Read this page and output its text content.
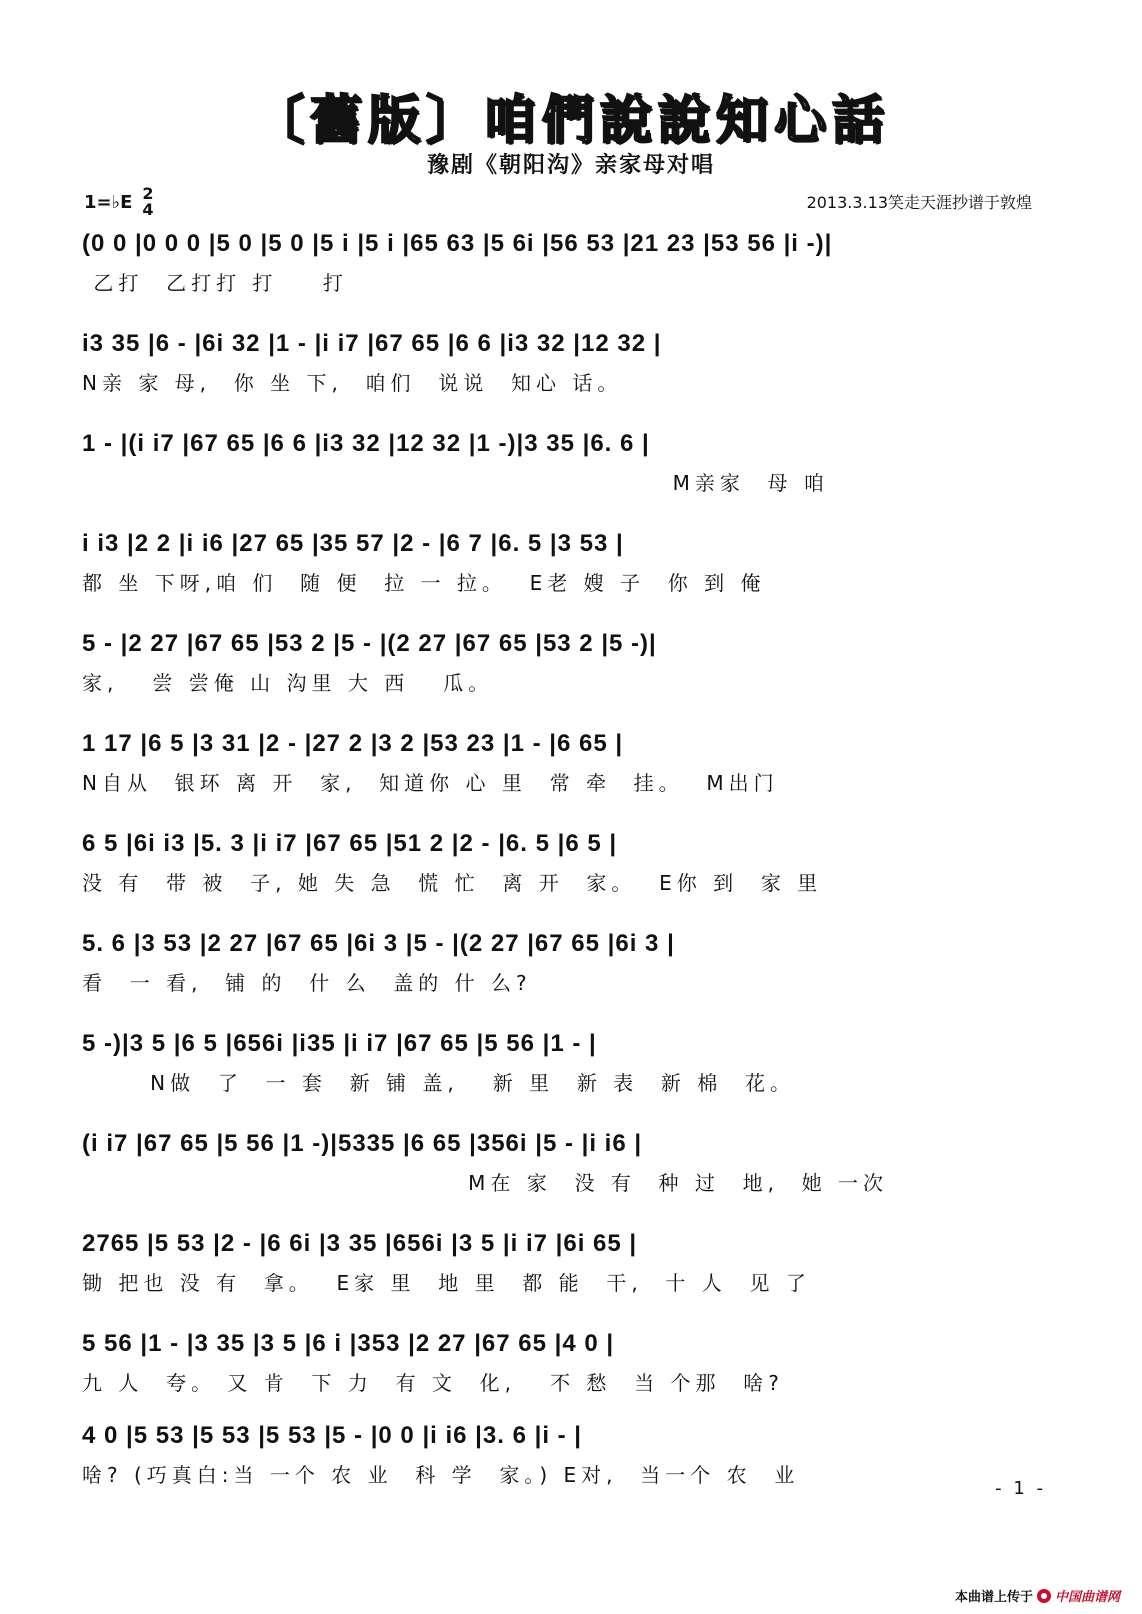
〔舊版〕咱們說說知心話
豫剧《朝阳沟》亲家母对唱
1=♭E 2
4	2013.3.13笑走天涯抄谱于敦煌
(0 0 |0 0 0 |5 0 |5 0 |5 i |5 i |65 63 |5 6i |56 53 |21 23 |53 56 |i -)|
乙打  乙打打 打    打
i3 35 |6 - |6i 32 |1 - |i i7 |67 65 |6 6 |i3 32 |12 32 |
N亲 家 母,  你 坐 下,  咱们  说说  知心 话。
1 - |(i i7 |67 65 |6 6 |i3 32 |12 32 |1 -)|3 35 |6. 6 |
M亲家  母 咱
i i3 |2 2 |i i6 |27 65 |35 57 |2 - |6 7 |6. 5 |3 53 |
都 坐 下呀,咱 们  随 便  拉 一 拉。  E老 嫂 子  你 到 俺
5 - |2 27 |67 65 |53 2 |5 - |(2 27 |67 65 |53 2 |5 -)|
家,   尝 尝俺 山 沟里 大 西   瓜。
1 17 |6 5 |3 31 |2 - |27 2 |3 2 |53 23 |1 - |6 65 |
N自从  银环 离 开  家,  知道你 心 里  常 牵  挂。  M出门
6 5 |6i i3 |5. 3 |i i7 |67 65 |51 2 |2 - |6. 5 |6 5 |
没 有  带 被  子, 她 失 急  慌 忙  离 开  家。  E你 到  家 里
5. 6 |3 53 |2 27 |67 65 |6i 3 |5 - |(2 27 |67 65 |6i 3 |
看  一 看,  铺 的  什 么  盖的 什 么?
5 -)|3 5 |6 5 |656i |i35 |i i7 |67 65 |5 56 |1 - |
N做  了  一 套  新 铺 盖,   新 里  新 表  新 棉  花。
(i i7 |67 65 |5 56 |1 -)|5335 |6 65 |356i |5 - |i i6 |
M在 家  没 有  种 过  地,  她 一次
2765 |5 53 |2 - |6 6i |3 35 |656i |3 5 |i i7 |6i 65 |
锄 把也 没 有  拿。  E家 里  地 里  都 能  干,  十 人  见 了
5 56 |1 - |3 35 |3 5 |6 i |353 |2 27 |67 65 |4 0 |
九 人  夸。 又 肯  下 力  有 文  化,   不 愁  当 个那  啥?
4 0 |5 53 |5 53 |5 53 |5 - |0 0 |i i6 |3. 6 |i - |
啥? (巧真白:当 一个 农 业  科 学  家。) E对,  当一个 农  业
- 1 -
本曲谱上传于 中国曲谱网
